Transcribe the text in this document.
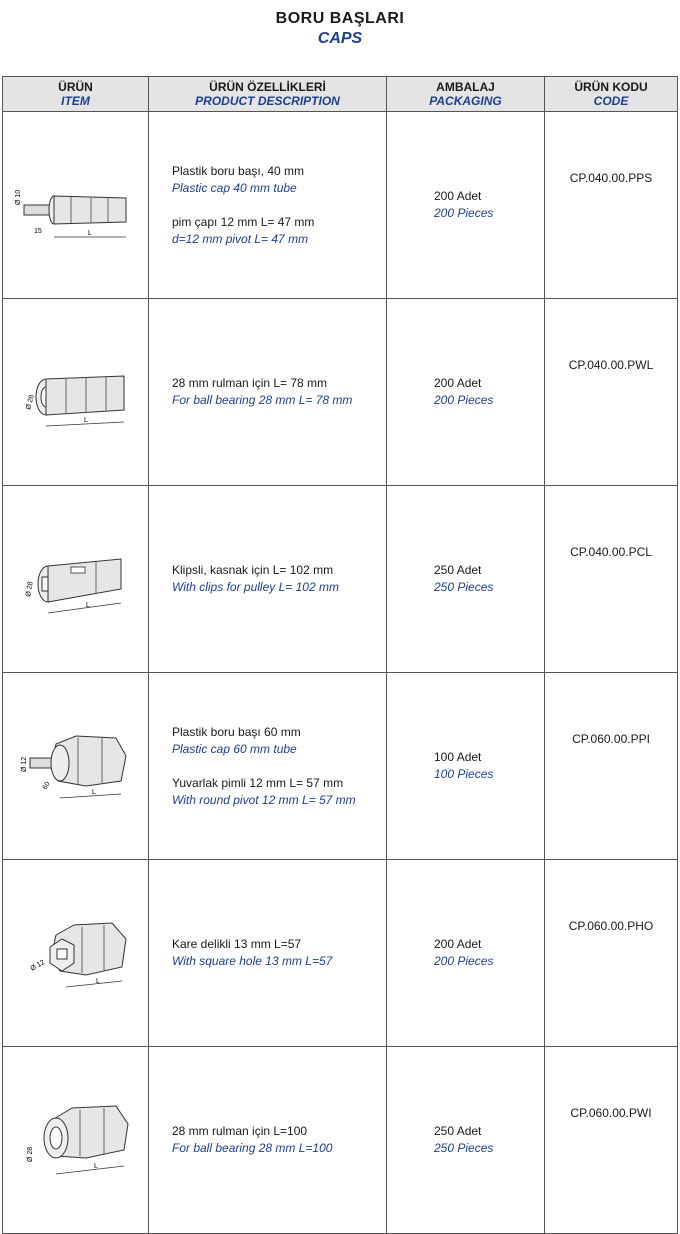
BORU BAŞLARI
CAPS
ÜRÜN
ITEM	ÜRÜN ÖZELLİKLERİ
PRODUCT DESCRIPTION	AMBALAJ
PACKAGING	ÜRÜN KODU
CODE

Ø 10
15 L	Plastik boru başı, 40 mm
Plastic cap 40 mm tube
pim çapı 12 mm L= 47 mm
d=12 mm pivot L= 47 mm	200 Adet
200 Pieces	CP.040.00.PPS

Ø 28
L	28 mm rulman için L= 78 mm
For ball bearing 28 mm L= 78 mm	200 Adet
200 Pieces	CP.040.00.PWL

Ø 28
L	Klipsli, kasnak için L= 102 mm
With clips for pulley L= 102 mm	250 Adet
250 Pieces	CP.040.00.PCL

Ø 12
60
L	Plastik boru başı 60 mm
Plastic cap 60 mm tube
Yuvarlak pimli 12 mm L= 57 mm
With round pivot 12 mm L= 57 mm	100 Adet
100 Pieces	CP.060.00.PPI

Ø 12
L	Kare delikli 13 mm L=57
With square hole 13 mm L=57	200 Adet
200 Pieces	CP.060.00.PHO

Ø 28
L	28 mm rulman için L=100
For ball bearing 28 mm L=100	250 Adet
250 Pieces	CP.060.00.PWI
